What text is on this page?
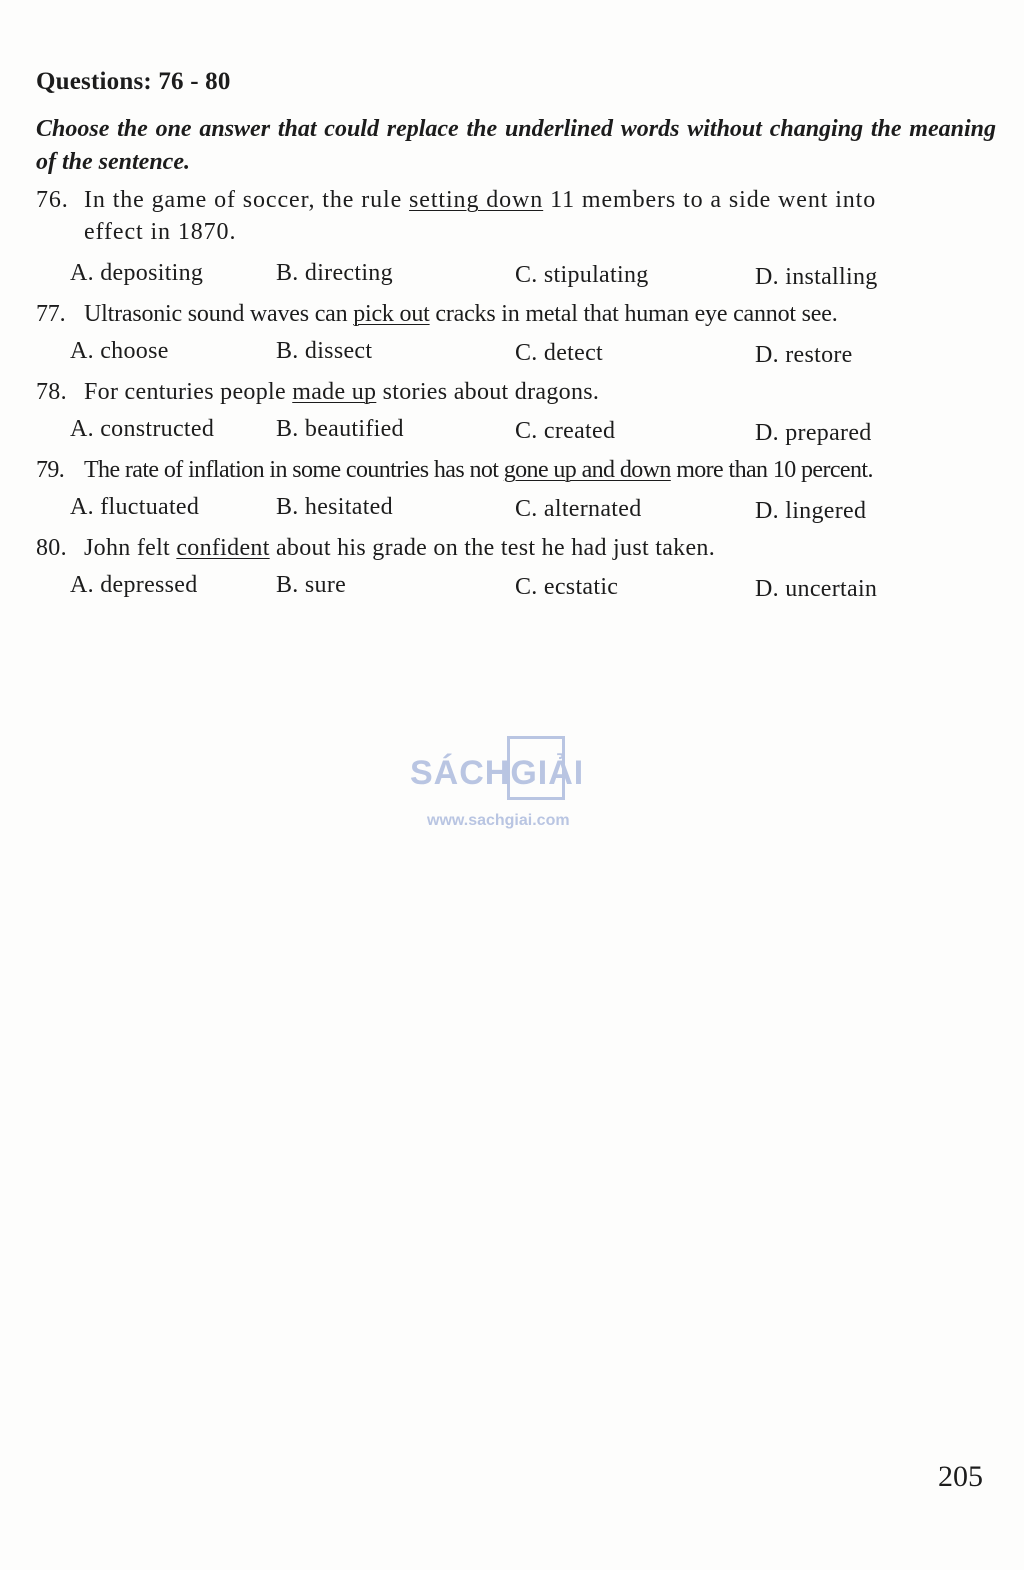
Questions: 76 - 80
Choose the one answer that could replace the underlined words without changing the meaning of the sentence.
76. In the game of soccer, the rule setting down 11 members to a side went into
effect in 1870.
A. depositing	B. directing	C. stipulating	D. installing
77. Ultrasonic sound waves can pick out cracks in metal that human eye cannot see.
A. choose	B. dissect	C. detect	D. restore
78. For centuries people made up stories about dragons.
A. constructed	B. beautified	C. created	D. prepared
79. The rate of inflation in some countries has not gone up and down more than 10 percent.
A. fluctuated	B. hesitated	C. alternated	D. lingered
80. John felt confident about his grade on the test he had just taken.
A. depressed	B. sure	C. ecstatic	D. uncertain
SÁCHGIẢI
www.sachgiai.com
205
